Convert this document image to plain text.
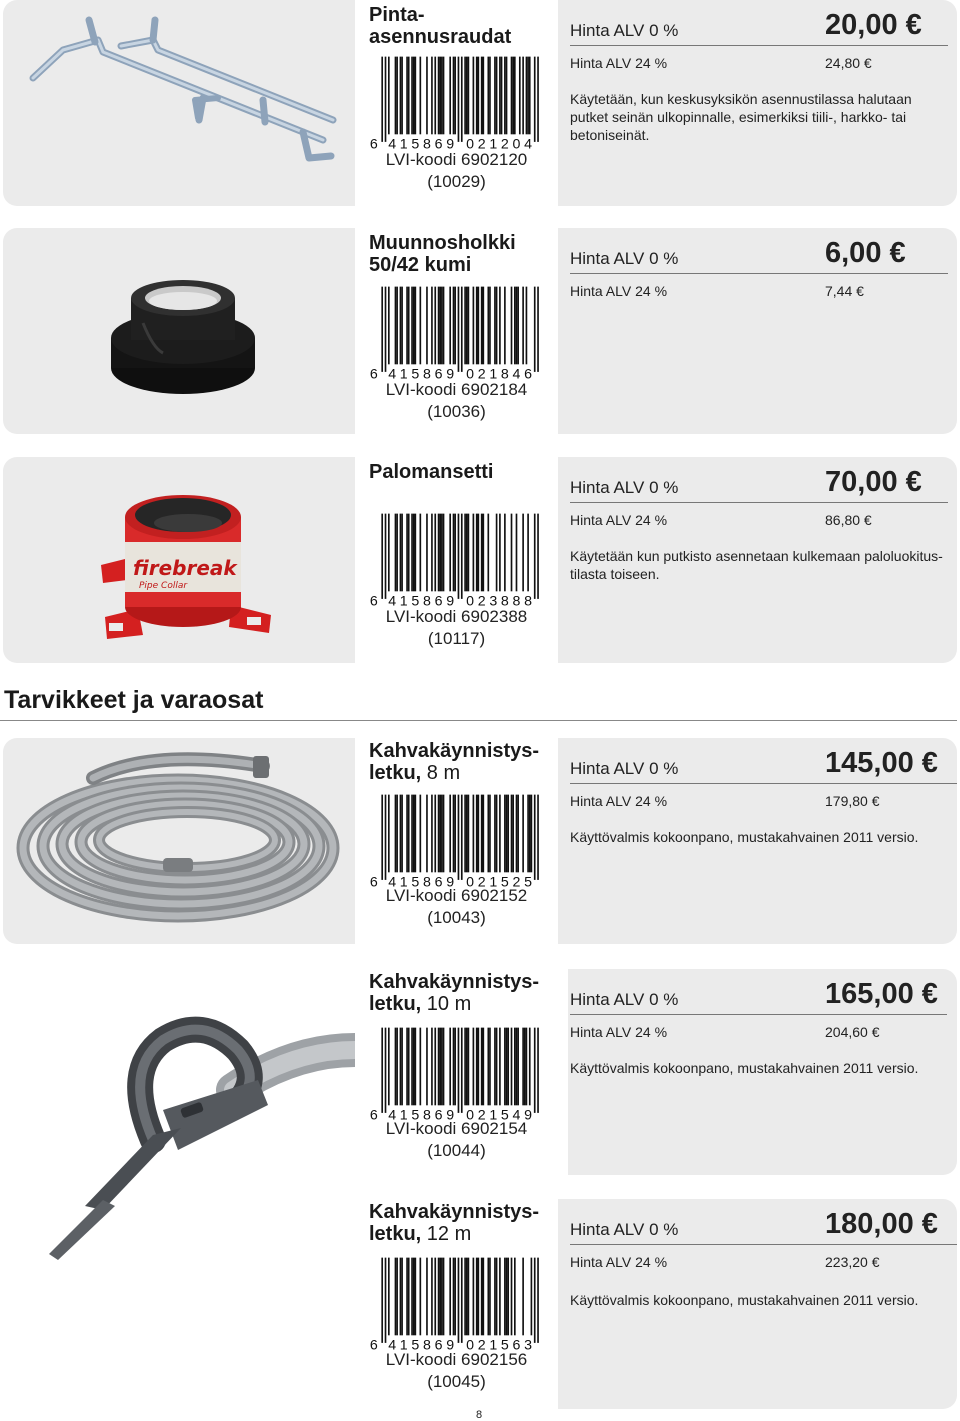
Pinta-
asennusraudat
6 4 1 5 8 6 9 0 2 1 2 0 4
LVI-koodi 6902120
(10029)
Hinta ALV 0 %	20,00 €
Hinta ALV 24 %	24,80 €
Käytetään, kun keskusyksikön asennustilassa halutaan putket seinän ulkopinnalle, esimerkiksi tiili-, harkko- tai betoniseinät.
Muunnosholkki
50/42 kumi
6 4 1 5 8 6 9 0 2 1 8 4 6
LVI-koodi 6902184
(10036)
Hinta ALV 0 %	6,00 €
Hinta ALV 24 %	7,44 €
firebreak
Pipe Collar
Palomansetti
6 4 1 5 8 6 9 0 2 3 8 8 8
LVI-koodi 6902388
(10117)
Hinta ALV 0 %	70,00 €
Hinta ALV 24 %	86,80 €
Käytetään kun putkisto asennetaan kulkemaan paloluokitus-tilasta toiseen.
Tarvikkeet ja varaosat
Kahvakäynnistys-
letku, 8 m
6 4 1 5 8 6 9 0 2 1 5 2 5
LVI-koodi 6902152
(10043)
Hinta ALV 0 %	145,00 €
Hinta ALV 24 %	179,80 €
Käyttövalmis kokoonpano, mustakahvainen 2011 versio.
Kahvakäynnistys-
letku, 10 m
6 4 1 5 8 6 9 0 2 1 5 4 9
LVI-koodi 6902154
(10044)
Hinta ALV 0 %	165,00 €
Hinta ALV 24 %	204,60 €
Käyttövalmis kokoonpano, mustakahvainen 2011 versio.
Kahvakäynnistys-
letku, 12 m
6 4 1 5 8 6 9 0 2 1 5 6 3
LVI-koodi 6902156
(10045)
Hinta ALV 0 %	180,00 €
Hinta ALV 24 %	223,20 €
Käyttövalmis kokoonpano, mustakahvainen 2011 versio.
8
